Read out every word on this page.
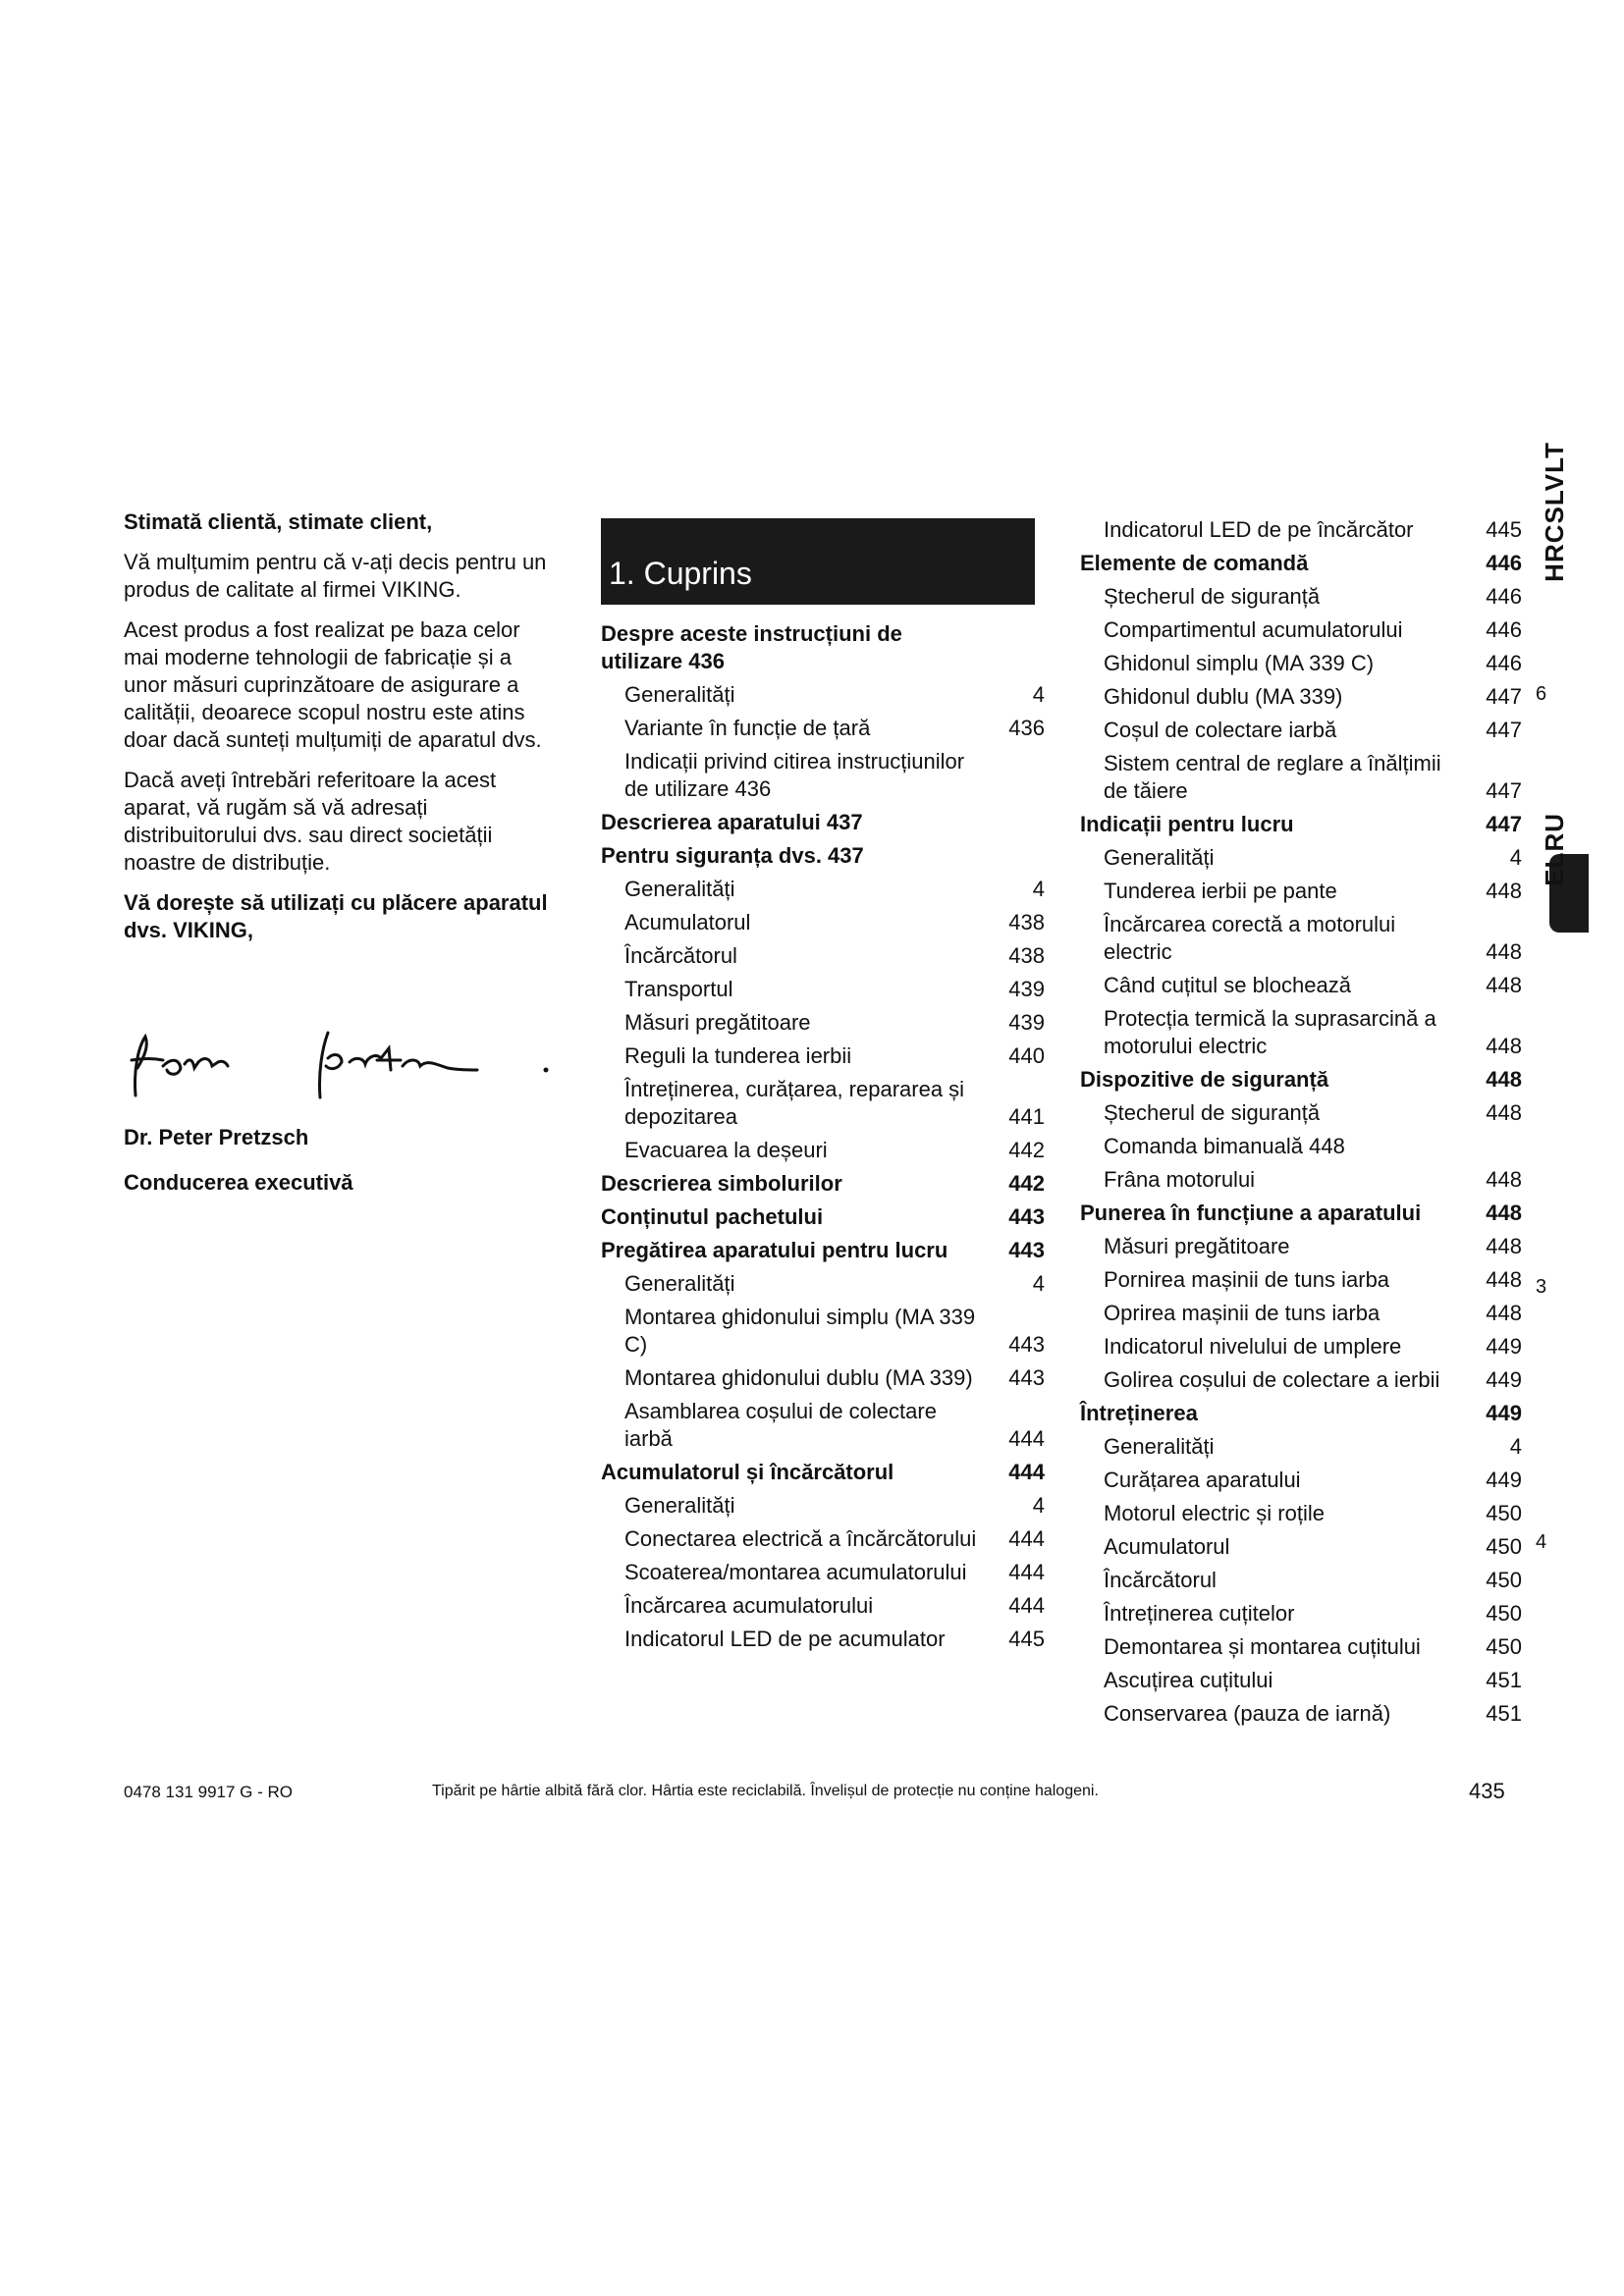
Stimată clientă, stimate client,

Vă mulțumim pentru că v-ați decis pentru un produs de calitate al firmei VIKING.

Acest produs a fost realizat pe baza celor mai moderne tehnologii de fabricație și a unor măsuri cuprinzătoare de asigurare a calității, deoarece scopul nostru este atins doar dacă sunteți mulțumiți de aparatul dvs.

Dacă aveți întrebări referitoare la acest aparat, vă rugăm să vă adresați distribuitorului dvs. sau direct societății noastre de distribuție.

Vă dorește să utilizați cu plăcere aparatul dvs. VIKING,

Dr. Peter Pretzsch
Conducerea executivă
1. Cuprins
Despre aceste instrucțiuni de utilizare 436
Generalități	4
Variante în funcție de țară	436
Indicații privind citirea instrucțiunilor de utilizare 436
Descrierea aparatului 437
Pentru siguranța dvs. 437
Generalități	4
Acumulatorul	438
Încărcătorul	438
Transportul	439
Măsuri pregătitoare	439
Reguli la tunderea ierbii	440
Întreținerea, curățarea, repararea și depozitarea	441
Evacuarea la deșeuri	442
Descrierea simbolurilor	442
Conținutul pachetului	443
Pregătirea aparatului pentru lucru	443
Generalități	4
Montarea ghidonului simplu (MA 339 C)	443
Montarea ghidonului dublu (MA 339)	443
Asamblarea coșului de colectare iarbă	444
Acumulatorul și încărcătorul	444
Generalități	4
Conectarea electrică a încărcătorului	444
Scoaterea/montarea acumulatorului	444
Încărcarea acumulatorului	444
Indicatorul LED de pe acumulator	445
Indicatorul LED de pe încărcător	445
Elemente de comandă	446
Ștecherul de siguranță	446
Compartimentul acumulatorului	446
Ghidonul simplu (MA 339 C)	446
Ghidonul dublu (MA 339)	447
Coșul de colectare iarbă	447
Sistem central de reglare a înălțimii de tăiere	447
Indicații pentru lucru	447
Generalități	4
Tunderea ierbii pe pante	448
Încărcarea corectă a motorului electric	448
Când cuțitul se blochează	448
Protecția termică la suprasarcină a motorului electric	448
Dispozitive de siguranță	448
Ștecherul de siguranță	448
Comanda bimanuală 448
Frâna motorului	448
Punerea în funcțiune a aparatului	448
Măsuri pregătitoare	448
Pornirea mașinii de tuns iarba	448
Oprirea mașinii de tuns iarba	448
Indicatorul nivelului de umplere	449
Golirea coșului de colectare a ierbii	449
Întreținerea	449
Generalități	4
Curățarea aparatului	449
Motorul electric și roțile	450
Acumulatorul	450
Încărcătorul	450
Întreținerea cuțitelor	450
Demontarea și montarea cuțitului	450
Ascuțirea cuțitului	451
Conservarea (pauza de iarnă)	451
HRCSLVLT
ELRU
6
3
4
0478 131 9917 G - RO	Tipărit pe hârtie albită fără clor. Hârtia este reciclabilă. Învelișul de protecție nu conține halogeni.	435
